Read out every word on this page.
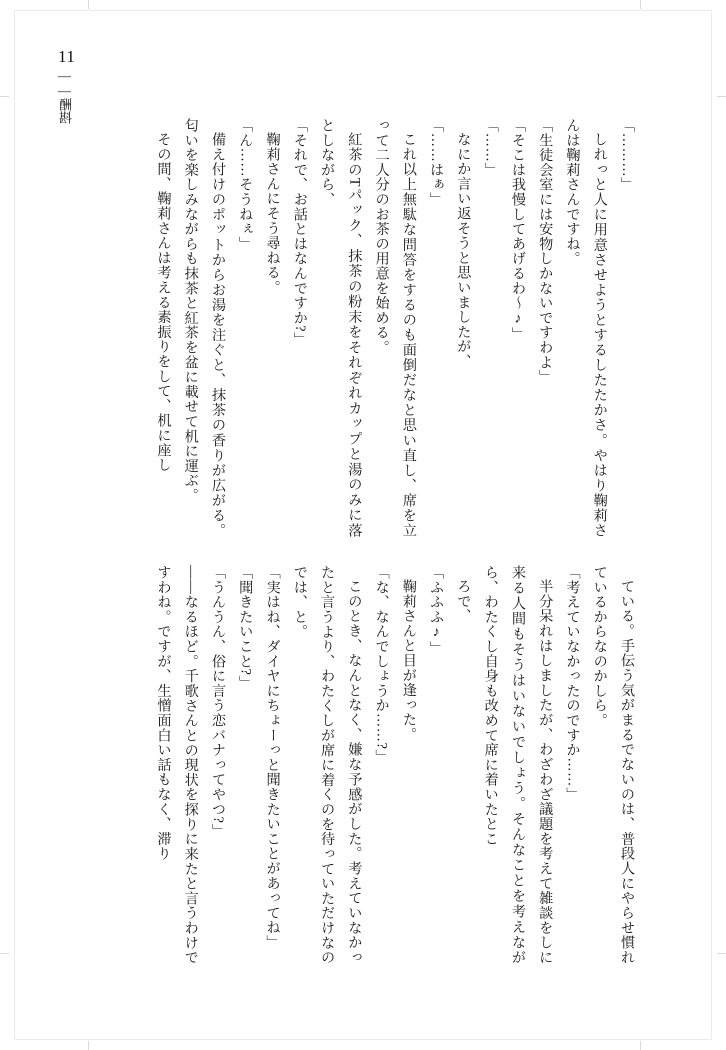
11
——酬斟

「………」

しれっと人に用意させようとするしたたかさ。やはり鞠莉さんは鞠莉さんですね。

「生徒会室には安物しかないですわよ」

「そこは我慢してあげるわ〜♪」

「……」

なにか言い返そうと思いましたが、

「……はぁ」

これ以上無駄な問答をするのも面倒だなと思い直し、席を立って二人分のお茶の用意を始める。

紅茶のTパック、抹茶の粉末をそれぞれカップと湯のみに落としながら、

「それで、お話とはなんですか?」

鞠莉さんにそう尋ねる。

「ん……そうねぇ」

備え付けのポットからお湯を注ぐと、抹茶の香りが広がる。匂いを楽しみながらも抹茶と紅茶を盆に載せて机に運ぶ。

その間、鞠莉さんは考える素振りをして、机に座し

ている。手伝う気がまるでないのは、普段人にやらせ慣れているからなのかしら。

「考えていなかったのですか……」

半分呆れはしましたが、わざわざ議題を考えて雑談をしに来る人間もそうはいないでしょう。そんなことを考えながら、わたくし自身も改めて席に着いたとこ

ろで、

「ふふふ♪」

鞠莉さんと目が逢った。

「な、なんでしょうか……?」

このとき、なんとなく、嫌な予感がした。考えていなかったと言うより、わたくしが席に着くのを待っていただけなのでは、と。

「実はね、ダイヤにちょーっと聞きたいことがあってね」

「聞きたいこと?」

「うんうん、俗に言う恋バナってやつ?」

——なるほど。千歌さんとの現状を探りに来たと言うわけですわね。ですが、生憎面白い話もなく、滞り
